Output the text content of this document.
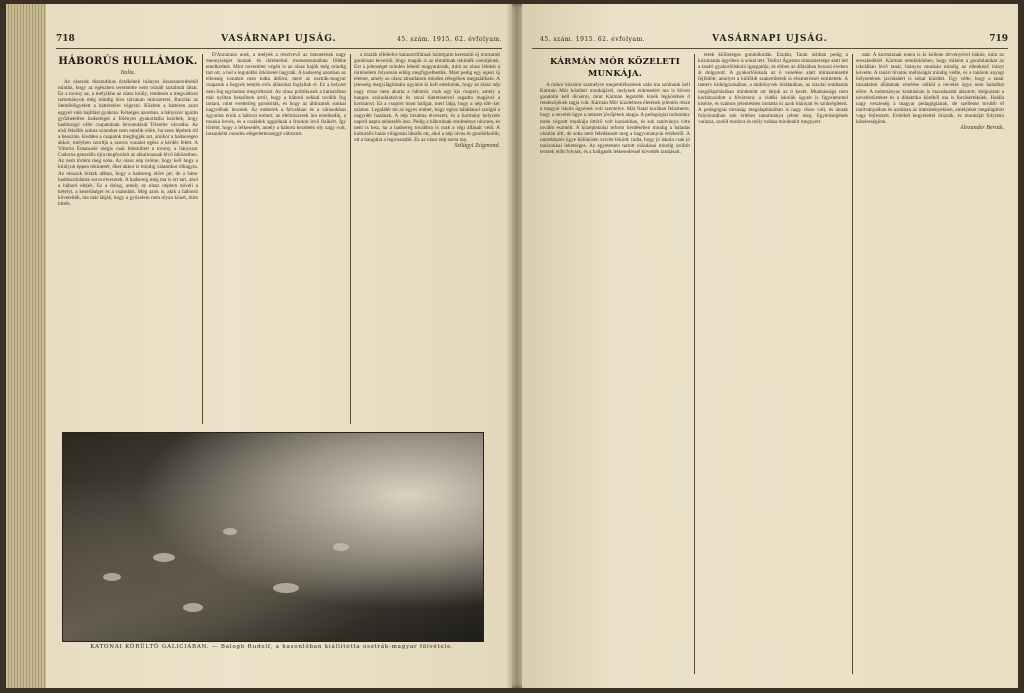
718	VASÁRNAPI UJSÁG.	45. szám. 1915. 62. évfolyam.
HÁBORÚS HULLÁMOK.
Italia.

Az olaszok diszmitikus érzékének hiányos összeszerelésétől mintán, hogy az egészben teremtette nem csinált tartalmát láttat. Ez a torony az, a melyikhe az olasz király, rendesen a megváltozó tartományok még mindig üres tárcakán miniszterei, Barzilai az ütemfelügyelett a háttéretére végezni. Közben a háttéren azon eggyel való hajlítást gyakran. Kétséges azonban, a hányszor igazán győzhetetlen hadsereget a fölényes gyakorlatba kezdtek, hogy hadmozgó válte csapatainak bevonulását Trientbe várostba. Az első felsőbb száma szinteket nem emelik előre, ha ezen lépések túl a beosztás. Kedden a csapatok megfogják azt, amikor a hadseregen akkor, melyben szorítja a szoros vonalat egész a kérdés felett. A Vittorio Emanuele mégis csak felemlített a torony, a hányszor Cadorna generális újra megfordult az alkalmasnak lévő ütközetben. Az nem történt meg soha. Az olasz nép öröme, hogy kell hogy a királyok éppen tekintetét, őket akkor is mindig valamikor elhagyta. Az olaszok bíztak abban, hogy a hadsereg előre jut; de a bátor hadmozdulatok sorra elvesztek. A hadsereg még ma is ott tart, ahol a háború elején. Ez a dolog, amely az olasz népben növeli a kételyt, a keserűséget és a csalódást. Még azok is, akik a háborút követelték, ma már látják, hogy a győzelem nem olyan közel, mint hitték.

D'Annunzio urak, a melyek a résztvevő az üzenetének nagy mennyiséget hoztak és történelmi momentumaiban fölébe emelkedtek. Mint november végén is az olasz hajók még mindig tart ott, a hol a legutóbbi ütközetet hagyták. A hadsereg azonban az ellenség vonalait nem tudta áttörni, mert az osztrák-magyar csapatok a hegyek tetején erős állásokat foglaltak el. Ez a helyzet nem fog egyhamar megváltozni. Az olasz politikusok a kamarában már nyíltan beszélnek arról, hogy a háború sokkal tovább fog tartani, mint eredetileg gondolták, és hogy az áldozatok sokkal nagyobbak lesznek. Az emberek a falvakban és a városokban egyaránt érzik a háború terheit; az élelmiszerek ára emelkedik, a munka kevés, és a családok aggódnak a fronton levő fiaikért. Így történt, hogy a lelkesedés, amely a háború kezdetén oly nagy volt, lassanként csendes elégedetlenséggé változott.

a tiszták elfeledve katasztrófáinak halottjaim keresztül új mortaruit gondosan kevertül, hogy maguk is az elmúltnak tekinték csendjének. Ezt a jelenséget minden lehető magyarázzák, mint az olasz lélekét a történelem folyamán eddig megfigyelhettük. Mást pedig egy egész új elemet, amely az olasz társadalom minden rétegében megtalálható. A jelenség megvilágítására ugyanis ki kell emelnünk, hogy az olasz nép nagy része nem akarta a háborút, csak egy kis csoport, amely a hangos szónoklataival és utcai tüntetéseivel ragadta magával a kormányt. Ez a csoport most hallgat, mert látja, hogy a nép tőle kér számot. Legalább mi az egyes ember, hogy egész hálátlanul szolgál a nagyobb hazának. A nép bizalma elveszett, és a kormány helyzete napról napra nehezebb lesz. Pedig a háborúnak eredménye nincsen, és nem is lesz, ha a hadsereg továbbra is csak a régi állásait védi. A kulturális hatás világosan látszik ott, ahol a nép olvas és gondolkodik; ott a hangulat a legrosszabb. Ez az olasz nép sorsa ma.

Szilágyi Zsigmond.
KATONAI KÖRÜLTÖ GALICIÁBAN. — Balogh Rudolf, a hasonlóban kiállította osztrák-magyar fölvétele.
45. szám. 1915. 62. évfolyam.	VASÁRNAPI UJSÁG.	719
KÁRMÁN MÓR KÖZELETI MUNKÁJA.

A mikor köszönt szemelyre megemlékezések után ma szólnunk kell Kármán Mór közéleti munkájáról, melynek érdemeiért ma is bőven gondolni kell dícsérni, mint Kármán legutóbb kinék légkörében ő rendezőjének tagja volt. Kármán Mór küzdelmes életének jelentős része a magyar iskola ügyének volt szentelve. Már fiatal korában felismerte, hogy a nevelés ügye a nemzet jövőjének alapja. A pedagógiai tudomány terén végzett munkája úttörő volt hazánkban, és sok tanítványa vitte tovább eszméit. A középiskolai reform kérdésében mindig a haladás oldalán állt, de soha nem feledkezett meg a hagyományok értékéről. A tanárképzés ügye különösen szívén feküdt; tudta, hogy jó iskola csak jó tanárokkal lehetséges. Az egyetemen tartott előadásai mindig zsúfolt termek előtt folytak, és a hallgatók lelkesedéssel követték tanításait.

terek különleges gondolkodás. Ezután, Tanár úrbban pedig a közoktatás ügyében is sokat tett. Trefort Ágoston minisztersége alatt lett a tanári gyakorlóiskola igazgatója, és ebben az állásában hosszú éveken át dolgozott. A gyakorlóiskola az ő vezetése alatt mintaintézetté fejlődött, amelyet a külföldi szakemberek is elismeréssel említettek. A tanterv kidolgozásában, a tankönyvek bírálatában, az iskolai rendtartás megállapításában mindenütt ott látjuk az ő kezét. Munkássága nem korlátozódott a fővárosra; a vidéki iskolák ügyeit is figyelemmel kísérte, és számos jelentésben mutatta ki azok hiányait és szükségleteit. A pedagógiai társaság megalapításában is nagy része volt, és annak folyóiratában sok értékes tanulmánya jelent meg. Egyéniségének varázsa, szelíd modora és mély tudása mindenkit megnyert.

mát. A kormánnak innen is ki kellene törvényével hálnie, mint az ereszkedését. Kármán nemkülönben, hogy miként a gondolatokat az iskolában lévő tanár, hiányos munkán mindig az ellenkező irányt követte. A tanári hivatás méltóságát mindig védte, és a tanárok anyagi helyzetének javításáért is sokat küzdött. Úgy vélte, hogy a tanár társadalmi állásának emelése nélkül a nevelés ügye nem haladhat előre. A tudományos kutatásban is maradandót alkotott; dolgozatai a neveléstörténet és a didaktika köréből ma is forrásértékűek. Halála nagy veszteség a magyar pedagógiának, de szelleme tovább él tanítványaiban és azokban az intézményekben, amelyeket megalapított vagy fejlesztett. Emlékét kegyelettel őrizzük, és munkáját folytatni kötelességünk.

Alexander Bernát.
